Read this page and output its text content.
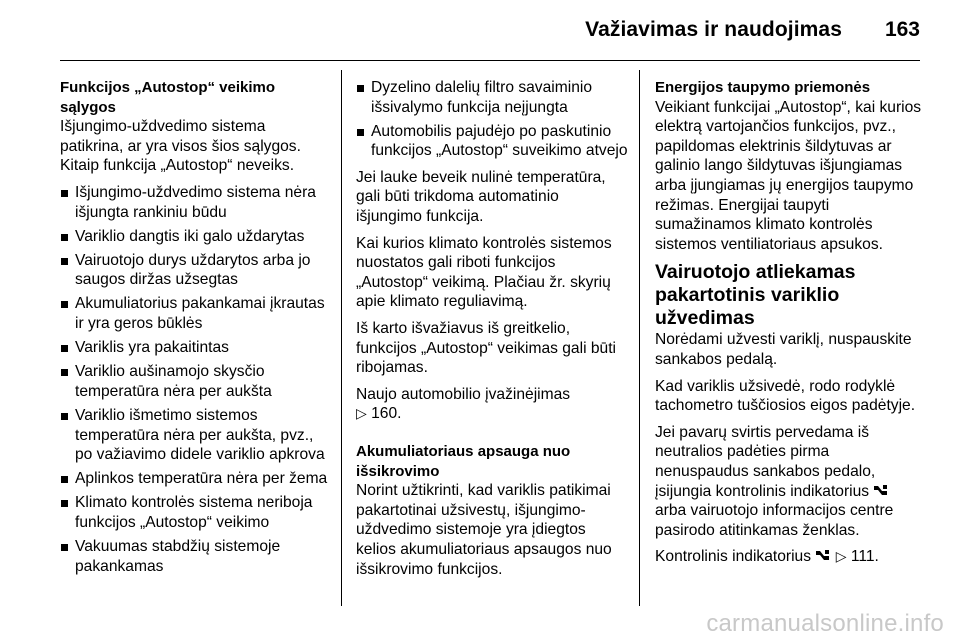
Važiavimas ir naudojimas 163
Funkcijos „Autostop“ veikimo sąlygos
Išjungimo-uždvedimo sistema patikrina, ar yra visos šios sąlygos. Kitaip funkcija „Autostop“ neveiks.
Išjungimo-uždvedimo sistema nėra išjungta rankiniu būdu
Variklio dangtis iki galo uždarytas
Vairuotojo durys uždarytos arba jo saugos diržas užsegtas
Akumuliatorius pakankamai įkrautas ir yra geros būklės
Variklis yra pakaitintas
Variklio aušinamojo skysčio temperatūra nėra per aukšta
Variklio išmetimo sistemos temperatūra nėra per aukšta, pvz., po važiavimo didele variklio apkrova
Aplinkos temperatūra nėra per žema
Klimato kontrolės sistema neriboja funkcijos „Autostop“ veikimo
Vakuumas stabdžių sistemoje pakankamas
Dyzelino dalelių filtro savaiminio išsivalymo funkcija neįjungta
Automobilis pajudėjo po paskutinio funkcijos „Autostop“ suveikimo atvejo
Jei lauke beveik nulinė temperatūra, gali būti trikdoma automatinio išjungimo funkcija.
Kai kurios klimato kontrolės sistemos nuostatos gali riboti funkcijos „Autostop“ veikimą. Plačiau žr. skyrių apie klimato reguliavimą.
Iš karto išvažiavus iš greitkelio, funkcijos „Autostop“ veikimas gali būti ribojamas.
Naujo automobilio įvažinėjimas
▷ 160.
Akumuliatoriaus apsauga nuo išsikrovimo
Norint užtikrinti, kad variklis patikimai pakartotinai užsivestų, išjungimo-uždvedimo sistemoje yra įdiegtos kelios akumuliatoriaus apsaugos nuo išsikrovimo funkcijos.
Energijos taupymo priemonės
Veikiant funkcijai „Autostop“, kai kurios elektrą vartojančios funkcijos, pvz., papildomas elektrinis šildytuvas ar galinio lango šildytuvas išjungiamas arba įjungiamas jų energijos taupymo režimas. Energijai taupyti sumažinamos klimato kontrolės sistemos ventiliatoriaus apsukos.
Vairuotojo atliekamas pakartotinis variklio užvedimas
Norėdami užvesti variklį, nuspauskite sankabos pedalą.
Kad variklis užsivedė, rodo rodyklė tachometro tuščiosios eigos padėtyje.
Jei pavarų svirtis pervedama iš neutralios padėties pirma nenuspaudus sankabos pedalo, įsijungia kontrolinis indikatorius  arba vairuotojo informacijos centre pasirodo atitinkamas ženklas.
Kontrolinis indikatorius ▷ 111.
carmanualsonline.info
